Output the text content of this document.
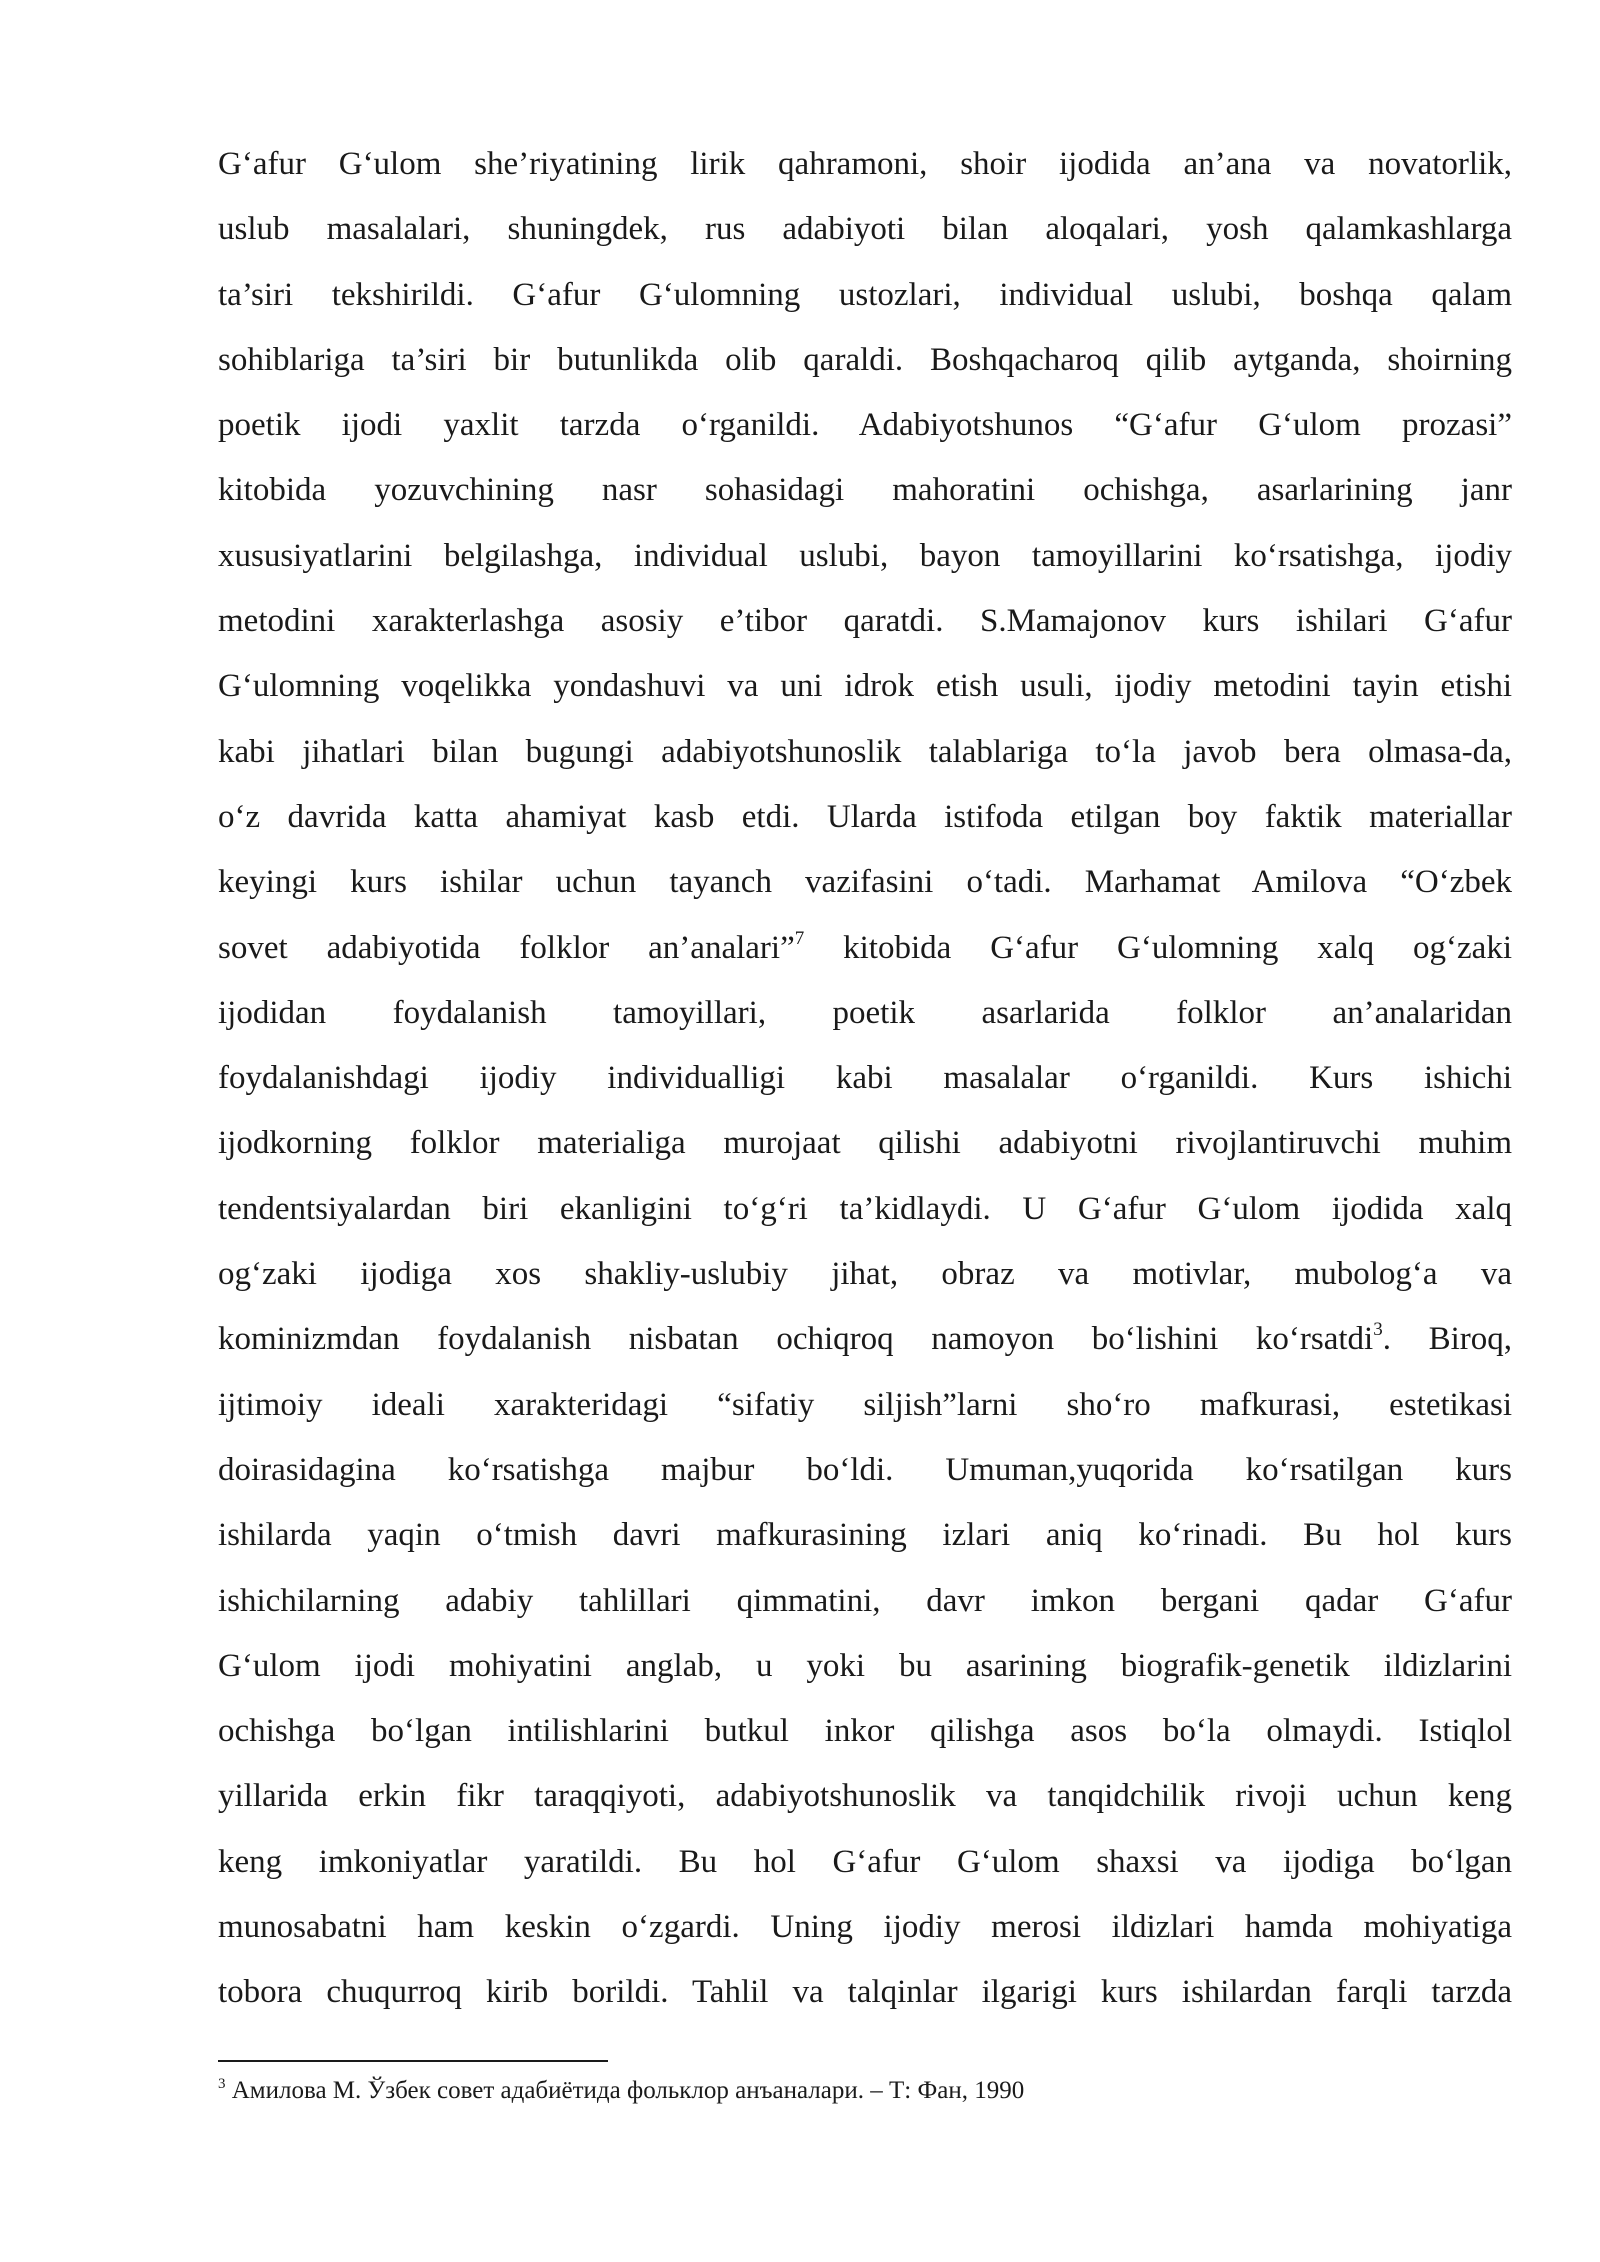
G‘afur G‘ulom she’riyatining lirik qahramoni, shoir ijodida an’ana va novatorlik,
uslub masalalari, shuningdek, rus adabiyoti bilan aloqalari, yosh qalamkashlarga
ta’siri tekshirildi. G‘afur G‘ulomning ustozlari, individual uslubi, boshqa qalam
sohiblariga ta’siri bir butunlikda olib qaraldi. Boshqacharoq qilib aytganda, shoirning
poetik ijodi yaxlit tarzda o‘rganildi. Adabiyotshunos “G‘afur G‘ulom prozasi”
kitobida yozuvchining nasr sohasidagi mahoratini ochishga, asarlarining janr
xususiyatlarini belgilashga, individual uslubi, bayon tamoyillarini ko‘rsatishga, ijodiy
metodini xarakterlashga asosiy e’tibor qaratdi. S.Mamajonov kurs ishilari G‘afur
G‘ulomning voqelikka yondashuvi va uni idrok etish usuli, ijodiy metodini tayin etishi
kabi jihatlari bilan bugungi adabiyotshunoslik talablariga to‘la javob bera olmasa-da,
o‘z davrida katta ahamiyat kasb etdi. Ularda istifoda etilgan boy faktik materiallar
keyingi kurs ishilar uchun tayanch vazifasini o‘tadi. Marhamat Amilova “O‘zbek
sovet adabiyotida folklor an’analari”$^7$ kitobida G‘afur G‘ulomning xalq og‘zaki
ijodidan foydalanish tamoyillari, poetik asarlarida folklor an’analaridan
foydalanishdagi ijodiy individualligi kabi masalalar o‘rganildi. Kurs ishichi
ijodkorning folklor materialiga murojaat qilishi adabiyotni rivojlantiruvchi muhim
tendentsiyalardan biri ekanligini to‘g‘ri ta’kidlaydi. U G‘afur G‘ulom ijodida xalq
og‘zaki ijodiga xos shakliy-uslubiy jihat, obraz va motivlar, mubolog‘a va
kominizmdan foydalanish nisbatan ochiqroq namoyon bo‘lishini ko‘rsatdi$^3$. Biroq,
ijtimoiy ideali xarakteridagi “sifatiy siljish”larni sho‘ro mafkurasi, estetikasi
doirasidagina ko‘rsatishga majbur bo‘ldi. Umuman,yuqorida ko‘rsatilgan kurs
ishilarda yaqin o‘tmish davri mafkurasining izlari aniq ko‘rinadi. Bu hol kurs
ishichilarning adabiy tahlillari qimmatini, davr imkon bergani qadar G‘afur
G‘ulom ijodi mohiyatini anglab, u yoki bu asarining biografik-genetik ildizlarini
ochishga bo‘lgan intilishlarini butkul inkor qilishga asos bo‘la olmaydi. Istiqlol
yillarida erkin fikr taraqqiyoti, adabiyotshunoslik va tanqidchilik rivoji uchun keng
keng imkoniyatlar yaratildi. Bu hol G‘afur G‘ulom shaxsi va ijodiga bo‘lgan
munosabatni ham keskin o‘zgardi. Uning ijodiy merosi ildizlari hamda mohiyatiga
tobora chuqurroq kirib borildi. Tahlil va talqinlar ilgarigi kurs ishilardan farqli tarzda
$^3$ Амилова М. Ўзбек совет адабиётида фольклор анъаналари. – Т: Фан, 1990
